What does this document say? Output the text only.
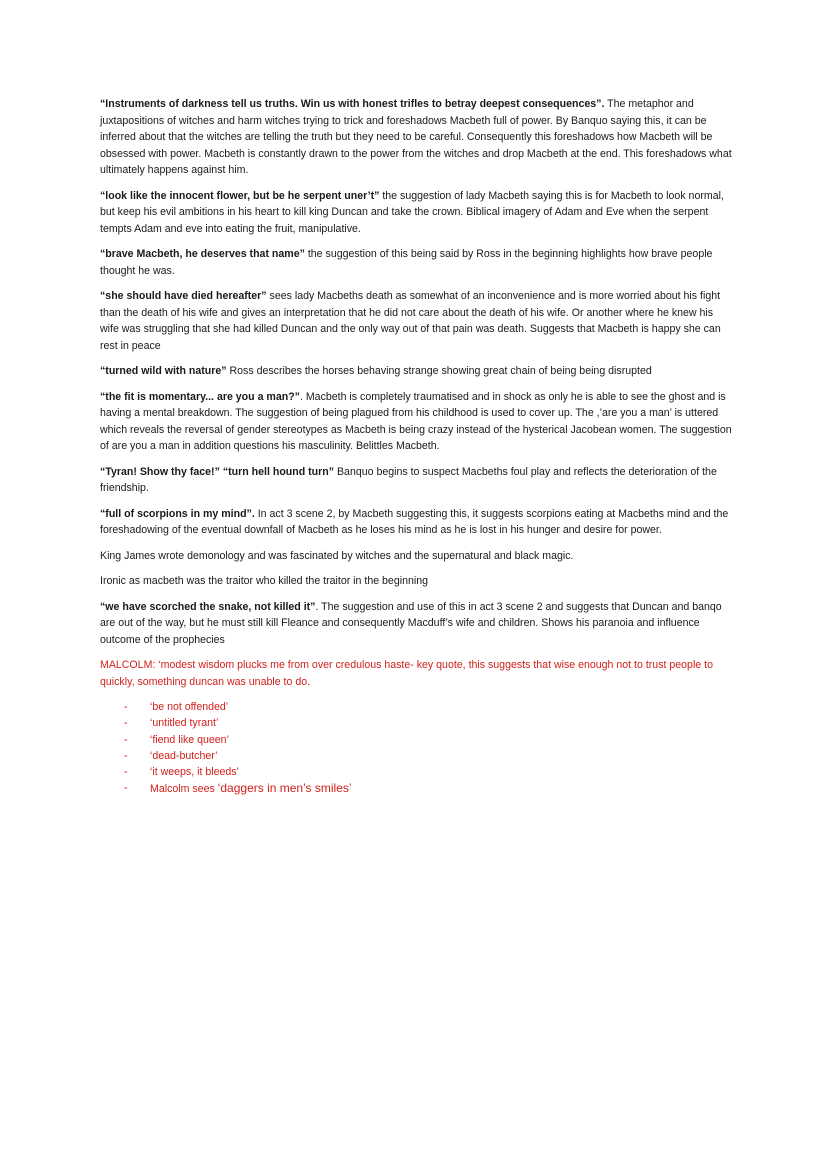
“Instruments of darkness tell us truths. Win us with honest trifles to betray deepest consequences”. The metaphor and juxtapositions of witches and harm witches trying to trick and foreshadows Macbeth full of power. By Banquo saying this, it can be inferred about that the witches are telling the truth but they need to be careful. Consequently this foreshadows how Macbeth will be obsessed with power. Macbeth is constantly drawn to the power from the witches and drop Macbeth at the end. This foreshadows what ultimately happens against him.

“look like the innocent flower, but be he serpent uner’t” the suggestion of lady Macbeth saying this is for Macbeth to look normal, but keep his evil ambitions in his heart to kill king Duncan and take the crown. Biblical imagery of Adam and Eve when the serpent tempts Adam and eve into eating the fruit, manipulative.

“brave Macbeth, he deserves that name” the suggestion of this being said by Ross in the beginning highlights how brave people thought he was.

“she should have died hereafter” sees lady Macbeths death as somewhat of an inconvenience and is more worried about his fight than the death of his wife and gives an interpretation that he did not care about the death of his wife. Or another where he knew his wife was struggling that she had killed Duncan and the only way out of that pain was death. Suggests that Macbeth is happy she can rest in peace

“turned wild with nature” Ross describes the horses behaving strange showing great chain of being being disrupted

“the fit is momentary... are you a man?”. Macbeth is completely traumatised and in shock as only he is able to see the ghost and is having a mental breakdown. The suggestion of being plagued from his childhood is used to cover up. The ,’are you a man’ is uttered which reveals the reversal of gender stereotypes as Macbeth is being crazy instead of the hysterical Jacobean women. The suggestion of are you a man in addition questions his masculinity. Belittles Macbeth.

“Tyran! Show thy face!” “turn hell hound turn” Banquo begins to suspect Macbeths foul play and reflects the deterioration of the friendship.

“full of scorpions in my mind”. In act 3 scene 2, by Macbeth suggesting this, it suggests scorpions eating at Macbeths mind and the foreshadowing of the eventual downfall of Macbeth as he loses his mind as he is lost in his hunger and desire for power.

King James wrote demonology and was fascinated by witches and the supernatural and black magic.

Ironic as macbeth was the traitor who killed the traitor in the beginning

“we have scorched the snake, not killed it”. The suggestion and use of this in act 3 scene 2 and suggests that Duncan and banqo are out of the way, but he must still kill Fleance and consequently Macduff’s wife and children. Shows his paranoia and influence outcome of the prophecies

MALCOLM: ‘modest wisdom plucks me from over credulous haste- key quote, this suggests that wise enough not to trust people to quickly, something duncan was unable to do.

- ‘be not offended’
- ‘untitled tyrant’
- ‘fiend like queen’
- ‘dead-butcher’
- ‘it weeps, it bleeds’
- Malcolm sees ‘daggers in men’s smiles’
